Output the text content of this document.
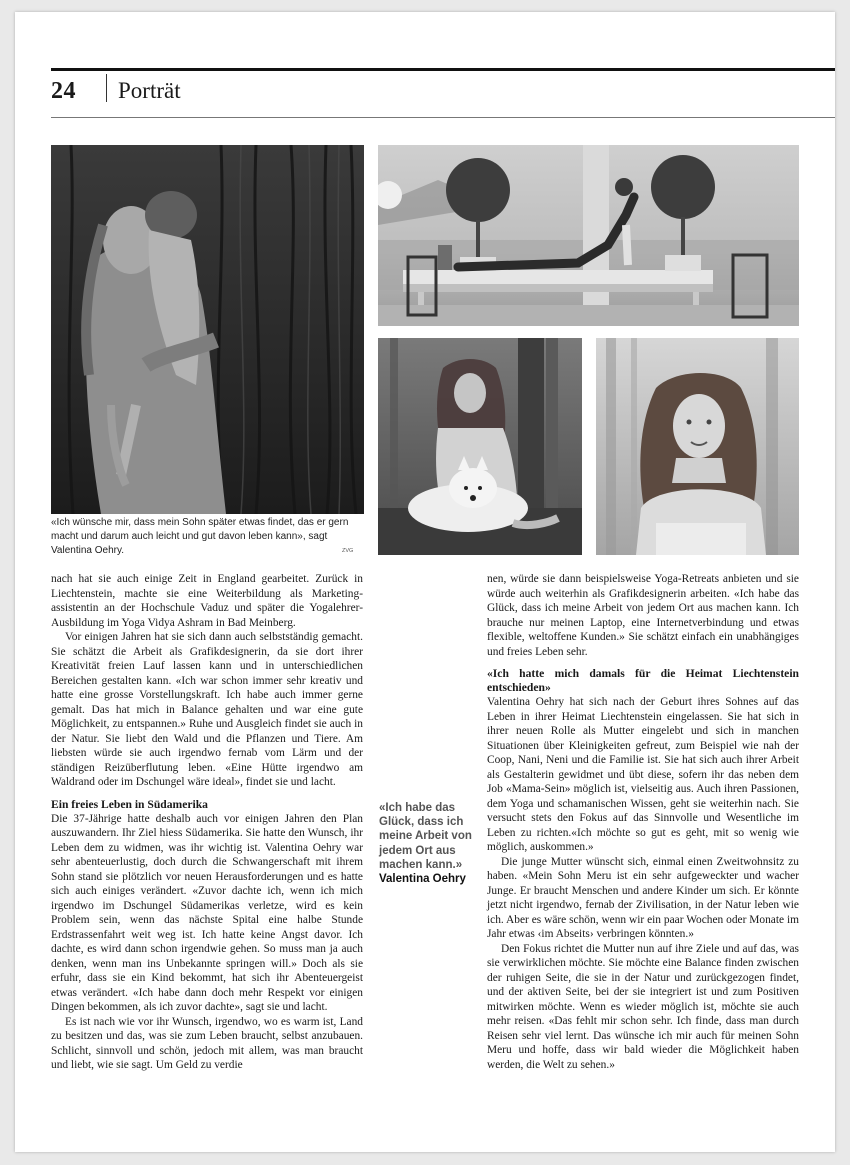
24 Porträt
«Ich wünsche mir, dass mein Sohn später etwas findet, das er gern macht und darum auch leicht und gut davon leben kann», sagt Valentina Oehry.	ZVG

nach hat sie auch einige Zeit in England gearbeitet. Zurück in Liechtenstein, machte sie eine Weiterbildung als Marketingassistentin an der Hochschule Vaduz und später die Yogalehrer-Ausbildung im Yoga Vidya Ashram in Bad Meinberg.

Vor einigen Jahren hat sie sich dann auch selbstständig gemacht. Sie schätzt die Arbeit als Grafikdesignerin, da sie dort ihrer Kreativität freien Lauf lassen kann und in unterschiedlichen Bereichen gestalten kann. «Ich war schon immer sehr kreativ und hatte eine grosse Vorstellungskraft. Ich habe auch immer gerne gemalt. Das hat mich in Balance gehalten und war eine gute Möglichkeit, zu entspannen.» Ruhe und Ausgleich findet sie auch in der Natur. Sie liebt den Wald und die Pflanzen und Tiere. Am liebsten würde sie auch irgendwo fernab vom Lärm und der ständigen Reizüberflutung leben. «Eine Hütte irgendwo am Waldrand oder im Dschungel wäre ideal», findet sie und lacht.

Ein freies Leben in Südamerika

Die 37-Jährige hatte deshalb auch vor einigen Jahren den Plan auszuwandern. Ihr Ziel hiess Südamerika. Sie hatte den Wunsch, ihr Leben dem zu widmen, was ihr wichtig ist. Valentina Oehry war sehr abenteuerlustig, doch durch die Schwangerschaft mit ihrem Sohn stand sie plötzlich vor neuen Herausforderungen und es hatte sich auch einiges verändert. «Zuvor dachte ich, wenn ich mich irgendwo im Dschungel Südamerikas verletze, wird es kein Problem sein, wenn das nächste Spital eine halbe Stunde Erdstrassenfahrt weit weg ist. Ich hatte keine Angst davor. Ich dachte, es wird dann schon irgendwie gehen. So muss man ja auch denken, wenn man ins Unbekannte springen will.» Doch als sie erfuhr, dass sie ein Kind bekommt, hat sich ihr Abenteuergeist etwas verändert. «Ich habe dann doch mehr Respekt vor einigen Dingen bekommen, als ich zuvor dachte», sagt sie und lacht.

Es ist nach wie vor ihr Wunsch, irgendwo, wo es warm ist, Land zu besitzen und das, was sie zum Leben braucht, selbst anzubauen. Schlicht, sinnvoll und schön, jedoch mit allem, was man braucht und liebt, wie sie sagt. Um Geld zu verdie

«Ich habe das Glück, dass ich meine Arbeit von jedem Ort aus machen kann.»
Valentina Oehry

nen, würde sie dann beispielsweise Yoga-Retreats anbieten und sie würde auch weiterhin als Grafikdesignerin arbeiten. «Ich habe das Glück, dass ich meine Arbeit von jedem Ort aus machen kann. Ich brauche nur meinen Laptop, eine Internetverbindung und etwas flexible, weltoffene Kunden.» Sie schätzt einfach ein unabhängiges und freies Leben sehr.

«Ich hatte mich damals für die Heimat Liechtenstein entschieden»

Valentina Oehry hat sich nach der Geburt ihres Sohnes auf das Leben in ihrer Heimat Liechtenstein eingelassen. Sie hat sich in ihrer neuen Rolle als Mutter eingelebt und sich in manchen Situationen über Kleinigkeiten gefreut, zum Beispiel wie nah der Coop, Nani, Neni und die Familie ist. Sie hat sich auch ihrer Arbeit als Gestalterin gewidmet und übt diese, sofern ihr das neben dem Job «Mama-Sein» möglich ist, vielseitig aus. Auch ihren Passionen, dem Yoga und schamanischen Wissen, geht sie weiterhin nach. Sie versucht stets den Fokus auf das Sinnvolle und Wesentliche im Leben zu richten.«Ich möchte so gut es geht, mit so wenig wie möglich, auskommen.»

Die junge Mutter wünscht sich, einmal einen Zweitwohnsitz zu haben. «Mein Sohn Meru ist ein sehr aufgeweckter und wacher Junge. Er braucht Menschen und andere Kinder um sich. Er könnte jetzt nicht irgendwo, fernab der Zivilisation, in der Natur leben wie ich. Aber es wäre schön, wenn wir ein paar Wochen oder Monate im Jahr etwas ‹im Abseits› verbringen könnten.»

Den Fokus richtet die Mutter nun auf ihre Ziele und auf das, was sie verwirklichen möchte. Sie möchte eine Balance finden zwischen der ruhigen Seite, die sie in der Natur und zurückgezogen findet, und der aktiven Seite, bei der sie integriert ist und zum Positiven mitwirken möchte. Wenn es wieder möglich ist, möchte sie auch mehr reisen. «Das fehlt mir schon sehr. Ich finde, dass man durch Reisen sehr viel lernt. Das wünsche ich mir auch für meinen Sohn Meru und hoffe, dass wir bald wieder die Möglichkeit haben werden, die Welt zu sehen.»
